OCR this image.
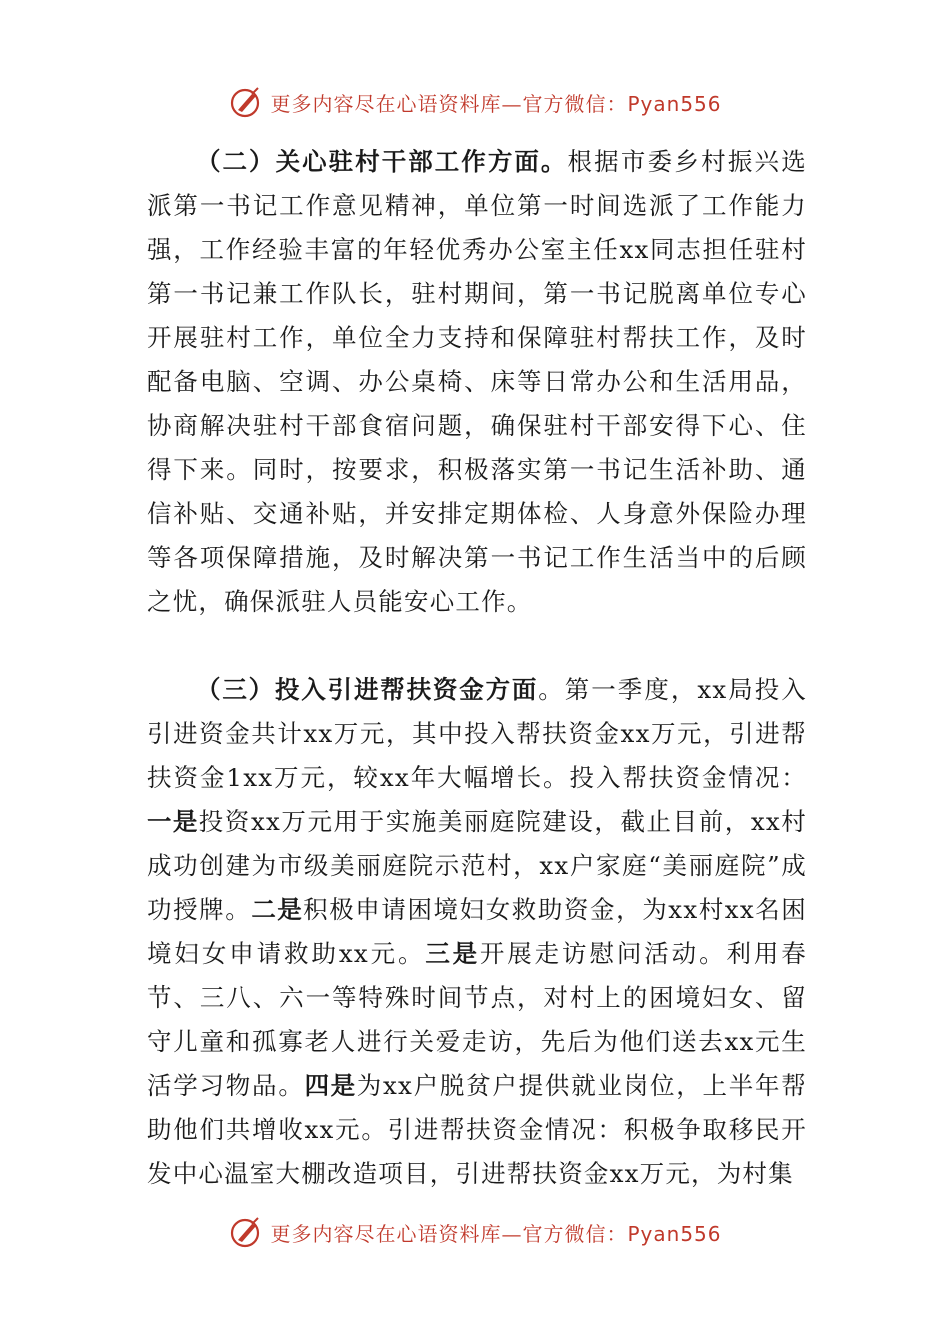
更多内容尽在心语资料库—官方微信：Pyan556

（二）关心驻村干部工作方面。根据市委乡村振兴选派第一书记工作意见精神，单位第一时间选派了工作能力强，工作经验丰富的年轻优秀办公室主任xx同志担任驻村第一书记兼工作队长，驻村期间，第一书记脱离单位专心开展驻村工作，单位全力支持和保障驻村帮扶工作，及时配备电脑、空调、办公桌椅、床等日常办公和生活用品，协商解决驻村干部食宿问题，确保驻村干部安得下心、住得下来。同时，按要求，积极落实第一书记生活补助、通信补贴、交通补贴，并安排定期体检、人身意外保险办理等各项保障措施，及时解决第一书记工作生活当中的后顾之忧，确保派驻人员能安心工作。

（三）投入引进帮扶资金方面。第一季度，xx局投入引进资金共计xx万元，其中投入帮扶资金xx万元，引进帮扶资金1xx万元，较xx年大幅增长。投入帮扶资金情况：一是投资xx万元用于实施美丽庭院建设，截止目前，xx村成功创建为市级美丽庭院示范村，xx户家庭“美丽庭院”成功授牌。二是积极申请困境妇女救助资金，为xx村xx名困境妇女申请救助xx元。三是开展走访慰问活动。利用春节、三八、六一等特殊时间节点，对村上的困境妇女、留守儿童和孤寡老人进行关爱走访，先后为他们送去xx元生活学习物品。四是为xx户脱贫户提供就业岗位，上半年帮助他们共增收xx元。引进帮扶资金情况：积极争取移民开发中心温室大棚改造项目，引进帮扶资金xx万元，为村集

更多内容尽在心语资料库—官方微信：Pyan556
